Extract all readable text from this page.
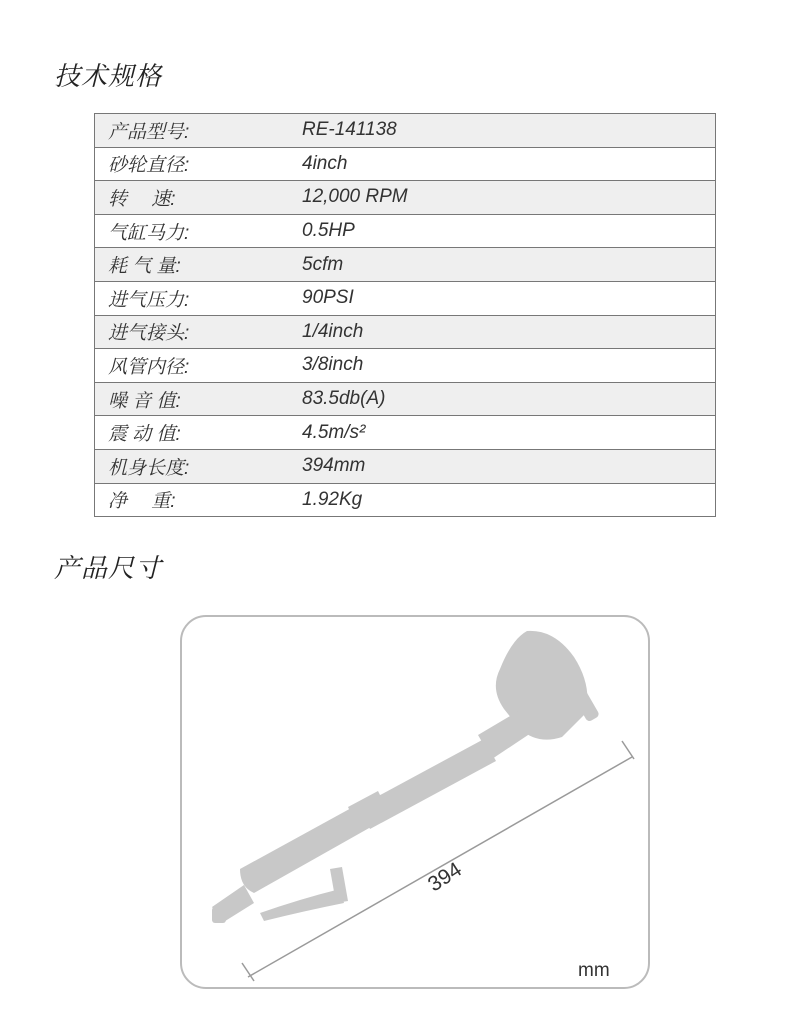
技术规格
产品型号:	RE-141138
砂轮直径:	4inch
转　 速:	12,000 RPM
气缸马力:	0.5HP
耗 气 量:	5cfm
进气压力:	90PSI
进气接头:	1/4inch
风管内径:	3/8inch
噪 音 值:	83.5db(A)
震 动 值:	4.5m/s²
机身长度:	394mm
净　 重:	1.92Kg
产品尺寸
394
mm
